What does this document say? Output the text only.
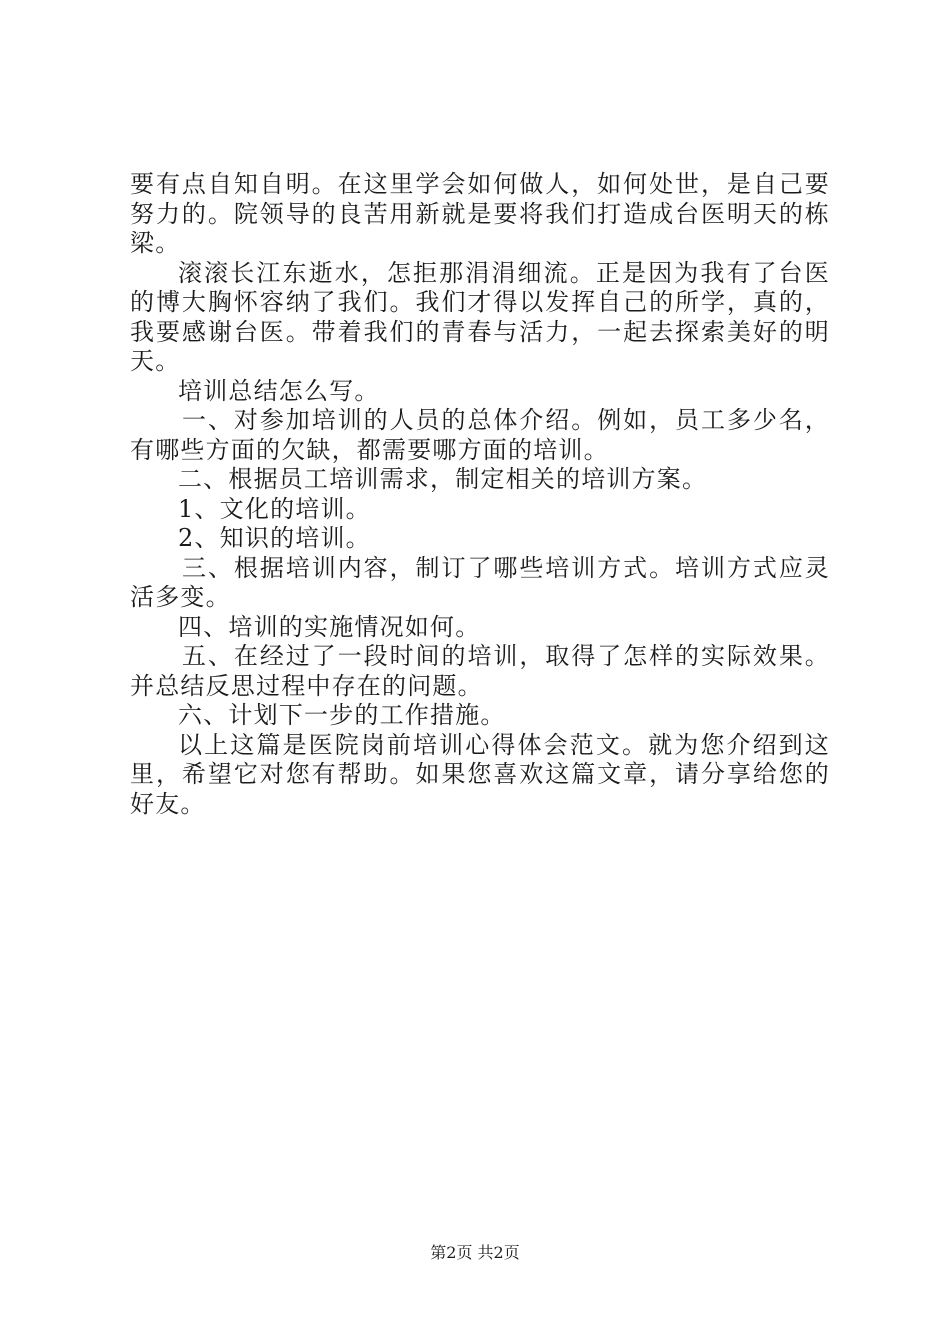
要有点自知自明。在这里学会如何做人，如何处世，是自己要努力的。院领导的良苦用新就是要将我们打造成台医明天的栋梁。

滚滚长江东逝水，怎拒那涓涓细流。正是因为我有了台医的博大胸怀容纳了我们。我们才得以发挥自己的所学，真的，我要感谢台医。带着我们的青春与活力，一起去探索美好的明天。

培训总结怎么写。

一、对参加培训的人员的总体介绍。例如，员工多少名，有哪些方面的欠缺，都需要哪方面的培训。

二、根据员工培训需求，制定相关的培训方案。

1、文化的培训。

2、知识的培训。

三、根据培训内容，制订了哪些培训方式。培训方式应灵活多变。

四、培训的实施情况如何。

五、在经过了一段时间的培训，取得了怎样的实际效果。并总结反思过程中存在的问题。

六、计划下一步的工作措施。

以上这篇是医院岗前培训心得体会范文。就为您介绍到这里，希望它对您有帮助。如果您喜欢这篇文章，请分享给您的好友。

第2页 共2页
